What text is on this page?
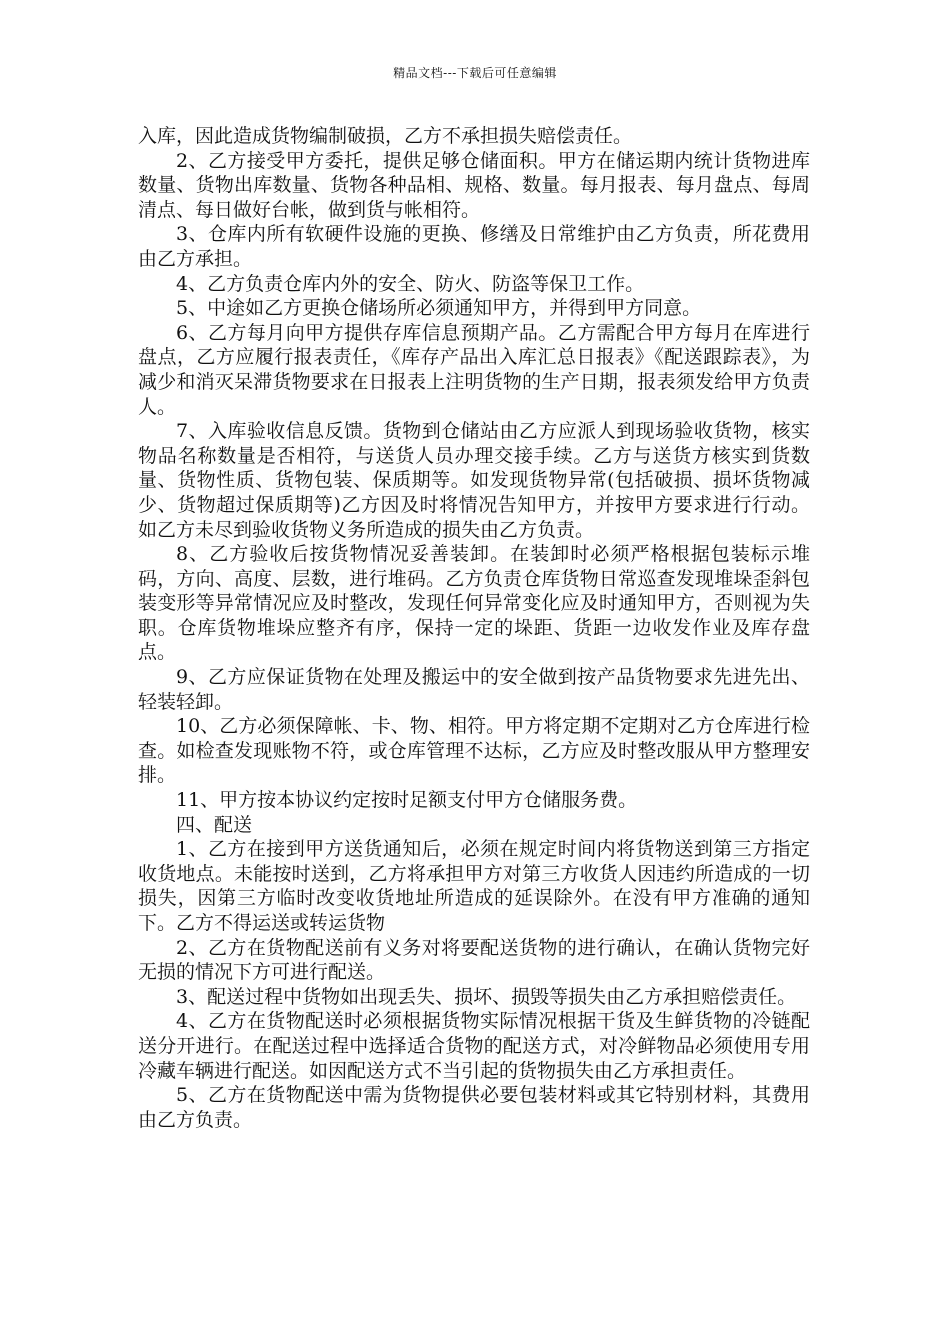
精品文档---下载后可任意编辑

入库，因此造成货物编制破损，乙方不承担损失赔偿责任。

2、乙方接受甲方委托，提供足够仓储面积。甲方在储运期内统计货物进库数量、货物出库数量、货物各种品相、规格、数量。每月报表、每月盘点、每周清点、每日做好台帐，做到货与帐相符。

3、仓库内所有软硬件设施的更换、修缮及日常维护由乙方负责，所花费用由乙方承担。

4、乙方负责仓库内外的安全、防火、防盗等保卫工作。

5、中途如乙方更换仓储场所必须通知甲方，并得到甲方同意。

6、乙方每月向甲方提供存库信息预期产品。乙方需配合甲方每月在库进行盘点，乙方应履行报表责任，《库存产品出入库汇总日报表》《配送跟踪表》，为减少和消灭呆滞货物要求在日报表上注明货物的生产日期，报表须发给甲方负责人。

7、入库验收信息反馈。货物到仓储站由乙方应派人到现场验收货物，核实物品名称数量是否相符，与送货人员办理交接手续。乙方与送货方核实到货数量、货物性质、货物包装、保质期等。如发现货物异常(包括破损、损坏货物减少、货物超过保质期等)乙方因及时将情况告知甲方，并按甲方要求进行行动。如乙方未尽到验收货物义务所造成的损失由乙方负责。

8、乙方验收后按货物情况妥善装卸。在装卸时必须严格根据包装标示堆码，方向、高度、层数，进行堆码。乙方负责仓库货物日常巡查发现堆垛歪斜包装变形等异常情况应及时整改，发现任何异常变化应及时通知甲方，否则视为失职。仓库货物堆垛应整齐有序，保持一定的垛距、货距一边收发作业及库存盘点。

9、乙方应保证货物在处理及搬运中的安全做到按产品货物要求先进先出、轻装轻卸。

10、乙方必须保障帐、卡、物、相符。甲方将定期不定期对乙方仓库进行检查。如检查发现账物不符，或仓库管理不达标，乙方应及时整改服从甲方整理安排。

11、甲方按本协议约定按时足额支付甲方仓储服务费。

四、配送

1、乙方在接到甲方送货通知后，必须在规定时间内将货物送到第三方指定收货地点。未能按时送到，乙方将承担甲方对第三方收货人因违约所造成的一切损失，因第三方临时改变收货地址所造成的延误除外。在没有甲方准确的通知下。乙方不得运送或转运货物

2、乙方在货物配送前有义务对将要配送货物的进行确认，在确认货物完好无损的情况下方可进行配送。

3、配送过程中货物如出现丢失、损坏、损毁等损失由乙方承担赔偿责任。

4、乙方在货物配送时必须根据货物实际情况根据干货及生鲜货物的冷链配送分开进行。在配送过程中选择适合货物的配送方式，对冷鲜物品必须使用专用冷藏车辆进行配送。如因配送方式不当引起的货物损失由乙方承担责任。

5、乙方在货物配送中需为货物提供必要包装材料或其它特别材料，其费用由乙方负责。
